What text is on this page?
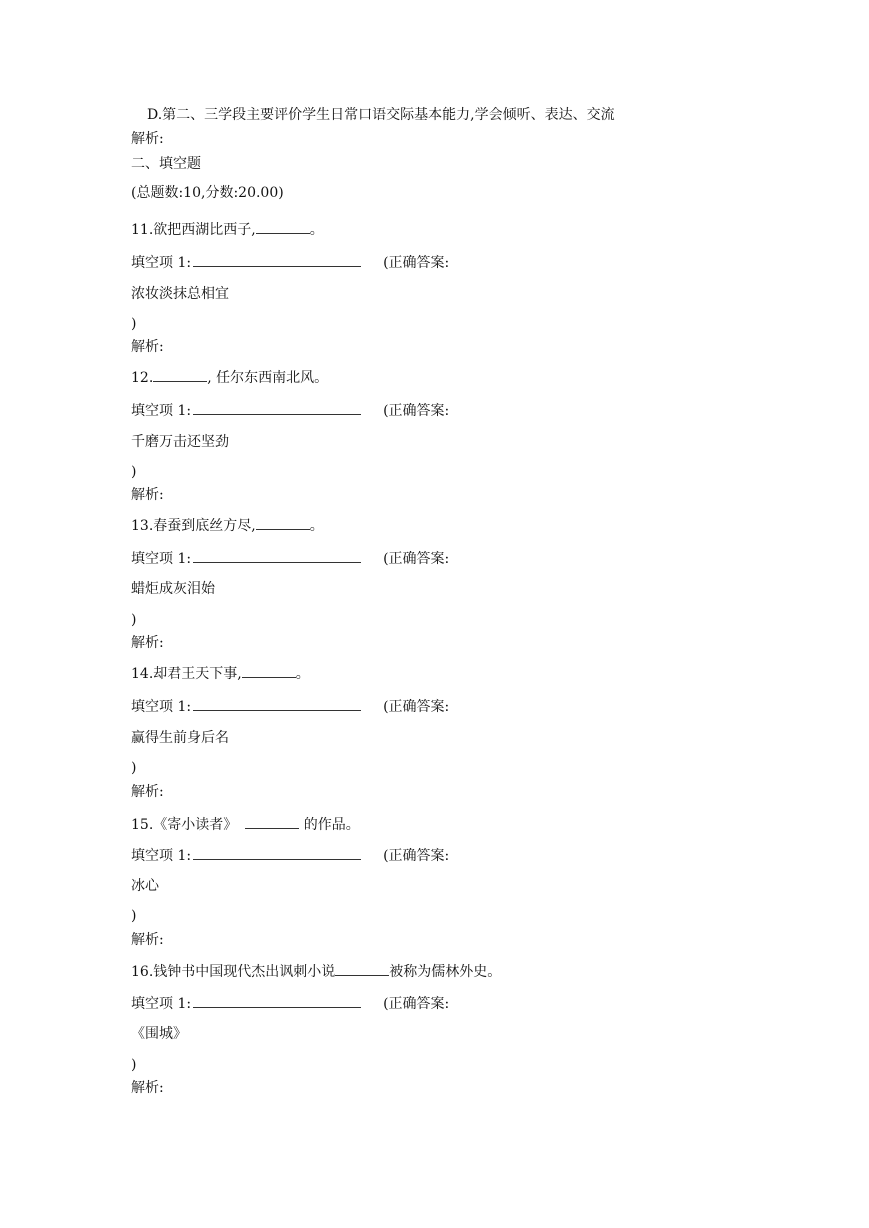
D.第二、三学段主要评价学生日常口语交际基本能力,学会倾听、表达、交流
解析:
二、填空题
(总题数:10,分数:20.00)
11.欲把西湖比西子,	。
填空项 1:	(正确答案:
浓妆淡抹总相宜
)
解析:
12.	, 任尔东西南北风。
填空项 1:	(正确答案:
千磨万击还坚劲
)
解析:
13.春蚕到底丝方尽,	。
填空项 1:	(正确答案:
蜡炬成灰泪始
)
解析:
14.却君王天下事,	。
填空项 1:	(正确答案:
赢得生前身后名
)
解析:
15.《寄小读者》	的作品。
填空项 1:	(正确答案:
冰心
)
解析:
16.钱钟书中国现代杰出讽刺小说	被称为儒林外史。
填空项 1:	(正确答案:
《围城》
)
解析:
